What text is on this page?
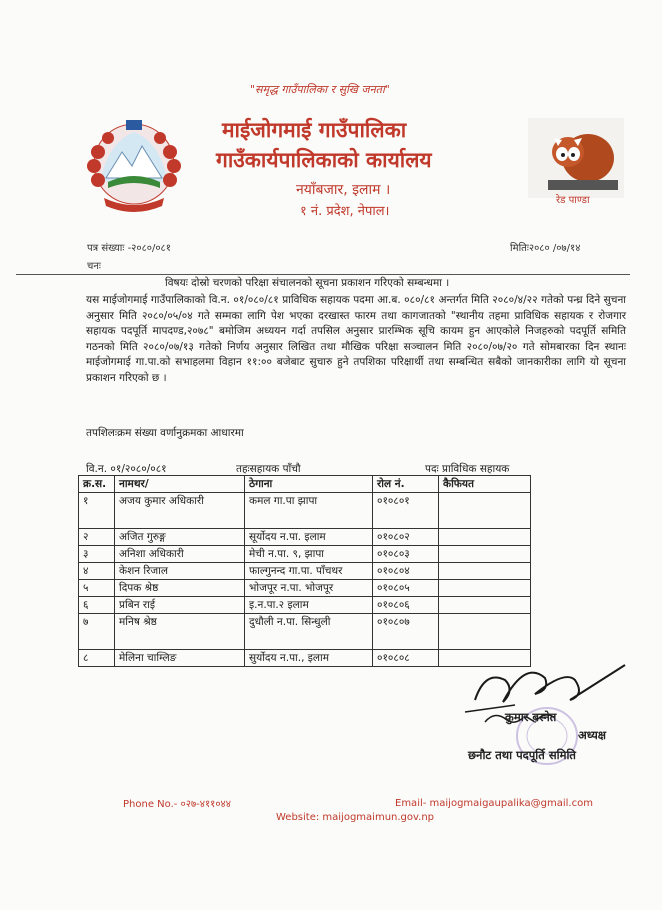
"समृद्ध गाउँपालिका र सुखि जनता"
माईजोगमाई गाउँपालिका
गाउँकार्यपालिकाको कार्यालय
नयाँबजार, इलाम ।
१ नं. प्रदेश, नेपाल।
रेड पाण्डा
पत्र संख्याः -२०८०/०८१
चनः
मितिः२०८० /०७/१४
विषयः दोस्रो चरणको परिक्षा संचालनको सूचना प्रकाशन गरिएको सम्बन्धमा ।
यस माईजोगमाई गाउँपालिकाको वि.न. ०१/०८०/८१ प्राविधिक सहायक पदमा आ.ब. ०८०/८१ अन्तर्गत मिति २०८०/४/२२ गतेको पन्ध्र दिने सुचना अनुसार मिति २०८०/०५/०४ गते सम्मका लागि पेश भएका दरखास्त फारम तथा कागजातको "स्थानीय तहमा प्राविधिक सहायक र रोजगार सहायक पदपूर्ति मापदण्ड,२०७८" बमोजिम अध्ययन गर्दा तपसिल अनुसार प्रारम्भिक सूचि कायम हुन आएकोले निजहरुको पदपूर्ति समिति गठनको मिति २०८०/०७/१३ गतेको निर्णय अनुसार लिखित तथा मौखिक परिक्षा सञ्चालन मिति २०८०/०७/२० गते सोमबारका दिन स्थानः माईजोगमाई गा.पा.को सभाहलमा विहान ११:०० बजेबाट सुचारु हुने तपशिका परिक्षार्थी तथा सम्बन्धित सबैको जानकारीका लागि यो सूचना प्रकाशन गरिएको छ ।
तपशिलःक्रम संख्या वर्णानुक्रमका आधारमा
वि.न. ०१/२०८०/०८१	तहःसहायक पाँचौ	पदः प्राविधिक सहायक
क्र.स.	नामथर/	ठेगाना	रोल नं.	कैफियत
१	अजय कुमार अधिकारी	कमल गा.पा झापा	०१०८०१	
२	अजित गुरुङ्ग	सूर्योदय न.पा. इलाम	०१०८०२	
३	अनिशा अधिकारी	मेची न.पा. ९, झापा	०१०८०३	
४	केशन रिजाल	फाल्गुनन्द गा.पा. पाँचथर	०१०८०४	
५	दिपक श्रेष्ठ	भोजपूर न.पा. भोजपूर	०१०८०५	
६	प्रबिन राई	इ.न.पा.२ इलाम	०१०८०६	
७	मनिष श्रेष्ठ	दुधौली न.पा. सिन्धुली	०१०८०७	
८	मेलिना चाम्लिङ	सुर्योदय न.पा., इलाम	०१०८०८	
कुमार बस्नेत
अध्यक्ष
छनौट तथा पदपूर्ति समिति
Phone No.- ०२७-४११०४४	Email- maijogmaigaupalika@gmail.com
Website: maijogmaimun.gov.np
